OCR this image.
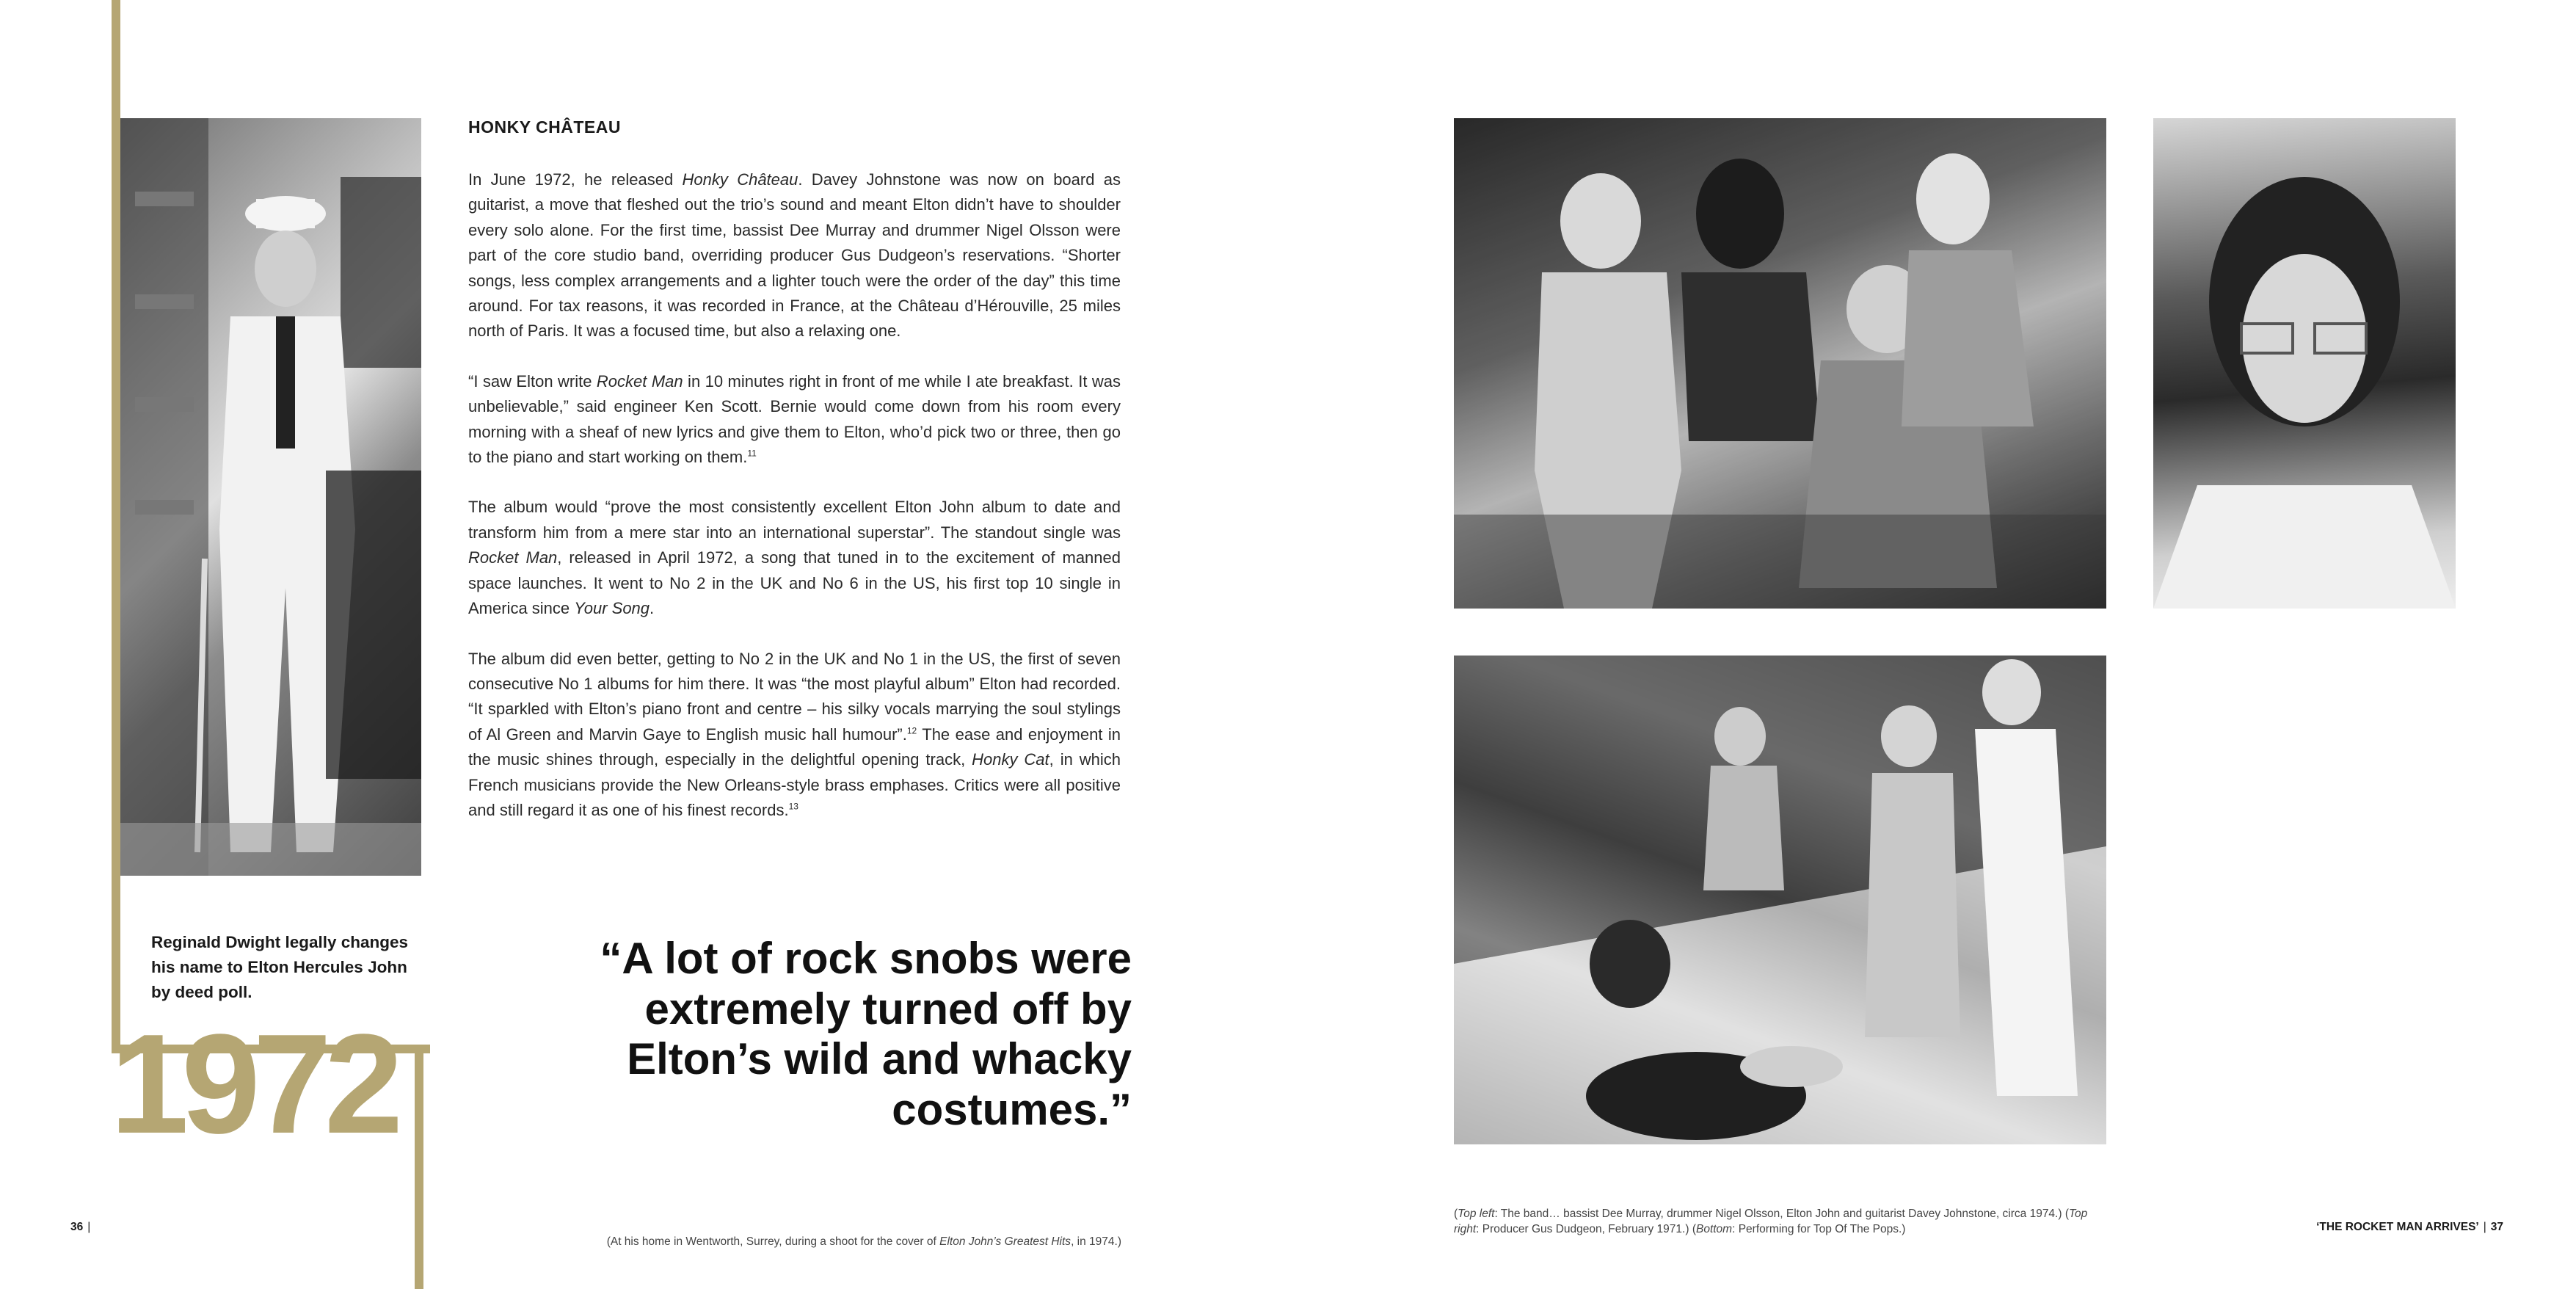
HONKY CHÂTEAU

In June 1972, he released Honky Château. Davey Johnstone was now on board as guitarist, a move that fleshed out the trio’s sound and meant Elton didn’t have to shoulder every solo alone. For the first time, bassist Dee Murray and drummer Nigel Olsson were part of the core studio band, overriding producer Gus Dudgeon’s reservations. “Shorter songs, less complex arrangements and a lighter touch were the order of the day” this time around. For tax reasons, it was recorded in France, at the Château d’Hérouville, 25 miles north of Paris. It was a focused time, but also a relaxing one.

“I saw Elton write Rocket Man in 10 minutes right in front of me while I ate breakfast. It was unbelievable,” said engineer Ken Scott. Bernie would come down from his room every morning with a sheaf of new lyrics and give them to Elton, who’d pick two or three, then go to the piano and start working on them.$^{11}$

The album would “prove the most consistently excellent Elton John album to date and transform him from a mere star into an international superstar”. The standout single was Rocket Man, released in April 1972, a song that tuned in to the excitement of manned space launches. It went to No 2 in the UK and No 6 in the US, his first top 10 single in America since Your Song.

The album did even better, getting to No 2 in the UK and No 1 in the US, the first of seven consecutive No 1 albums for him there. It was “the most playful album” Elton had recorded. “It sparkled with Elton’s piano front and centre – his silky vocals marrying the soul stylings of Al Green and Marvin Gaye to English music hall humour”.$^{12}$ The ease and enjoyment in the music shines through, especially in the delightful opening track, Honky Cat, in which French musicians provide the New Orleans-style brass emphases. Critics were all positive and still regard it as one of his finest records.$^{13}$

Reginald Dwight legally changes his name to Elton Hercules John by deed poll.
1972
“A lot of rock snobs were extremely turned off by Elton’s wild and whacky costumes.”
(At his home in Wentworth, Surrey, during a shoot for the cover of Elton John’s Greatest Hits, in 1974.)
36 |
(Top left: The band… bassist Dee Murray, drummer Nigel Olsson, Elton John and guitarist Davey Johnstone, circa 1974.) (Top right: Producer Gus Dudgeon, February 1971.) (Bottom: Performing for Top Of The Pops.)	‘THE ROCKET MAN ARRIVES’ | 37
